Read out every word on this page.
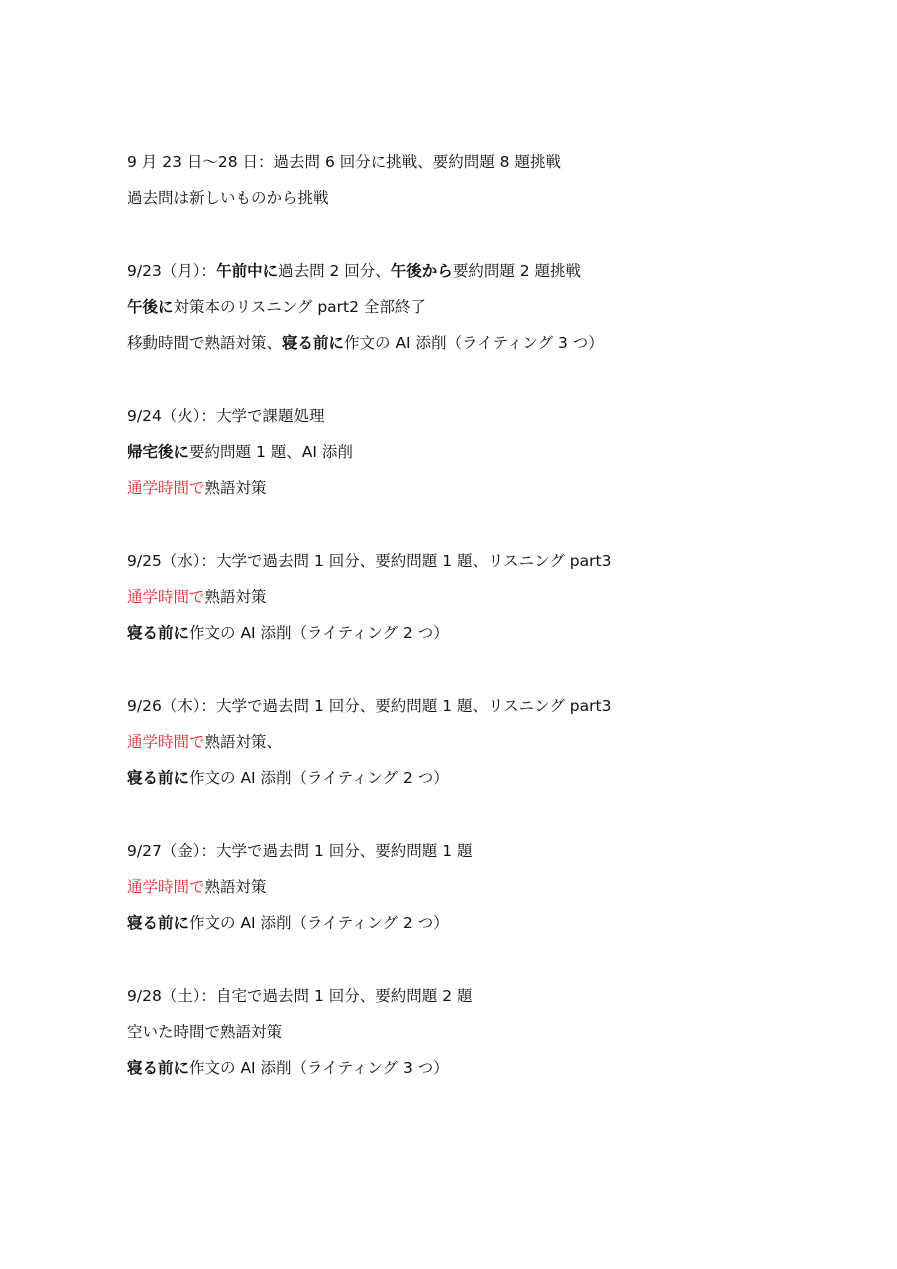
9 月 23 日～28 日：過去問 6 回分に挑戦、要約問題 8 題挑戦
過去問は新しいものから挑戦
9/23（月）：午前中に過去問 2 回分、午後から要約問題 2 題挑戦
午後に対策本のリスニング part2 全部終了
移動時間で熟語対策、寝る前に作文の AI 添削（ライティング 3 つ）
9/24（火）：大学で課題処理
帰宅後に要約問題 1 題、AI 添削
通学時間で熟語対策
9/25（水）：大学で過去問 1 回分、要約問題 1 題、リスニング part3
通学時間で熟語対策
寝る前に作文の AI 添削（ライティング 2 つ）
9/26（木）：大学で過去問 1 回分、要約問題 1 題、リスニング part3
通学時間で熟語対策、
寝る前に作文の AI 添削（ライティング 2 つ）
9/27（金）：大学で過去問 1 回分、要約問題 1 題
通学時間で熟語対策
寝る前に作文の AI 添削（ライティング 2 つ）
9/28（土）：自宅で過去問 1 回分、要約問題 2 題
空いた時間で熟語対策
寝る前に作文の AI 添削（ライティング 3 つ）
